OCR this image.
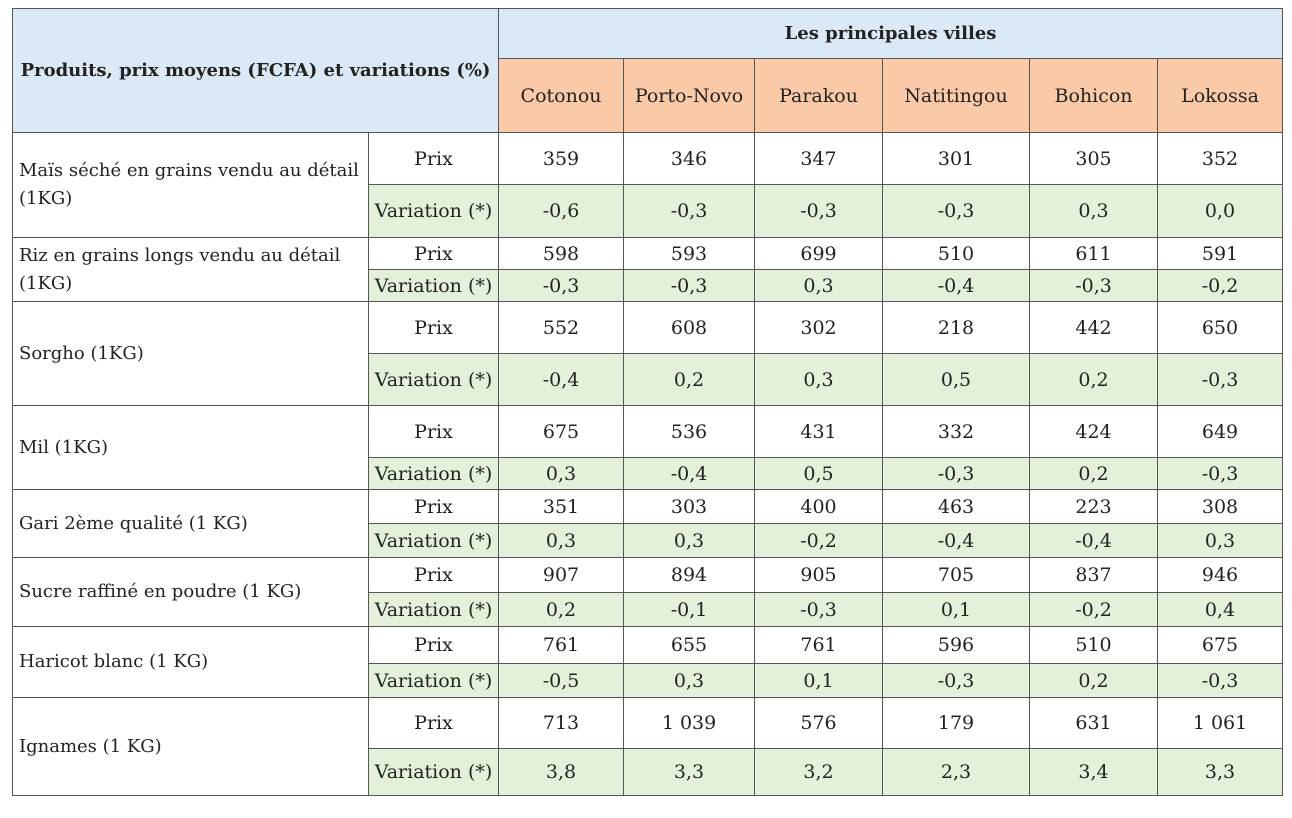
Produits, prix moyens (FCFA) et variations (%)		Les principales villes					
		Cotonou	Porto-Novo	Parakou	Natitingou	Bohicon	Lokossa
Maïs séché en grains vendu au détail (1KG)	Prix	359	346	347	301	305	352
	Variation (*)	-0,6	-0,3	-0,3	-0,3	0,3	0,0
Riz en grains longs vendu au détail (1KG)	Prix	598	593	699	510	611	591
	Variation (*)	-0,3	-0,3	0,3	-0,4	-0,3	-0,2
Sorgho (1KG)	Prix	552	608	302	218	442	650
	Variation (*)	-0,4	0,2	0,3	0,5	0,2	-0,3
Mil (1KG)	Prix	675	536	431	332	424	649
	Variation (*)	0,3	-0,4	0,5	-0,3	0,2	-0,3
Gari 2ème qualité (1 KG)	Prix	351	303	400	463	223	308
	Variation (*)	0,3	0,3	-0,2	-0,4	-0,4	0,3
Sucre raffiné en poudre (1 KG)	Prix	907	894	905	705	837	946
	Variation (*)	0,2	-0,1	-0,3	0,1	-0,2	0,4
Haricot blanc (1 KG)	Prix	761	655	761	596	510	675
	Variation (*)	-0,5	0,3	0,1	-0,3	0,2	-0,3
Ignames (1 KG)	Prix	713	1 039	576	179	631	1 061
	Variation (*)	3,8	3,3	3,2	2,3	3,4	3,3
